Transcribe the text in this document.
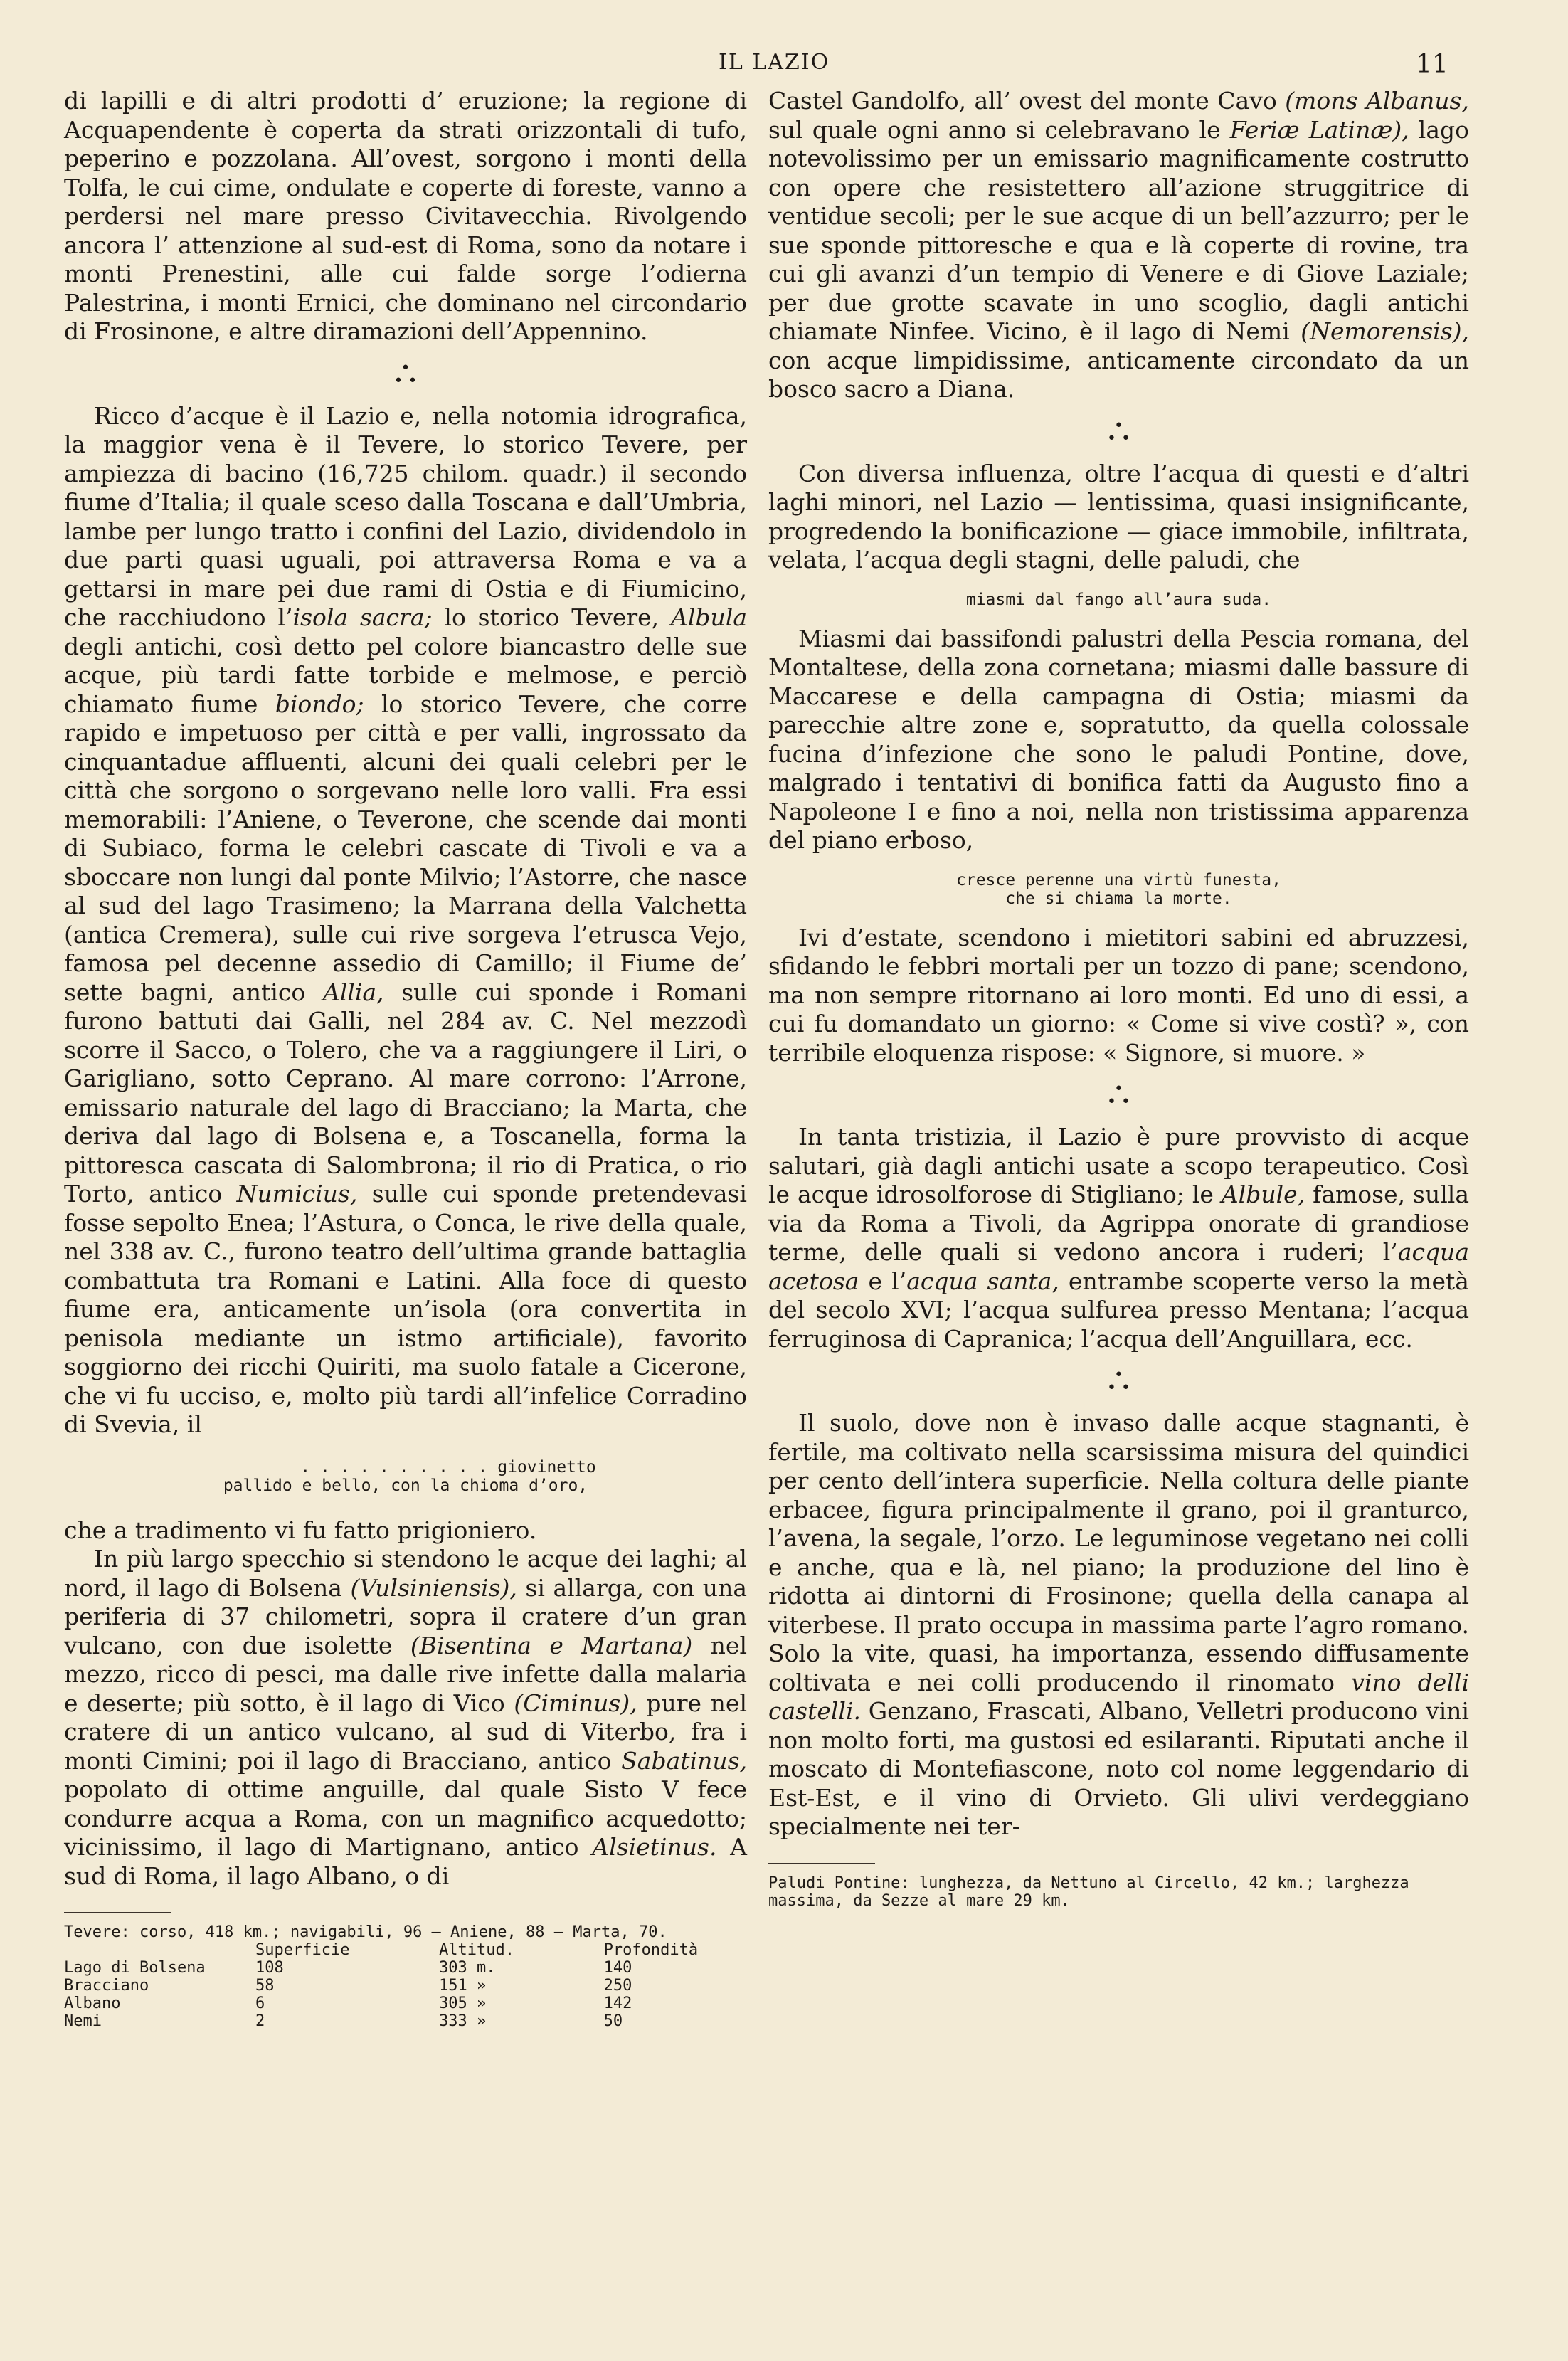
IL LAZIO	11

di lapilli e di altri prodotti d’ eruzione; la regione di Acquapendente è coperta da strati orizzontali di tufo, peperino e pozzolana. All’ovest, sorgono i monti della Tolfa, le cui cime, ondulate e coperte di foreste, vanno a perdersi nel mare presso Civitavecchia. Rivolgendo ancora l’ attenzione al sud-est di Roma, sono da notare i monti Prenestini, alle cui falde sorge l’odierna Palestrina, i monti Ernici, che dominano nel circondario di Frosinone, e altre diramazioni dell’Appennino.

•
• •

Ricco d’acque è il Lazio e, nella notomia idrografica, la maggior vena è il Tevere, lo storico Tevere, per ampiezza di bacino (16,725 chilom. quadr.) il secondo fiume d’Italia; il quale sceso dalla Toscana e dall’Umbria, lambe per lungo tratto i confini del Lazio, dividendolo in due parti quasi uguali, poi attraversa Roma e va a gettarsi in mare pei due rami di Ostia e di Fiumicino, che racchiudono l’isola sacra; lo storico Tevere, Albula degli antichi, così detto pel colore biancastro delle sue acque, più tardi fatte torbide e melmose, e perciò chiamato fiume biondo; lo storico Tevere, che corre rapido e impetuoso per città e per valli, ingrossato da cinquantadue affluenti, alcuni dei quali celebri per le città che sorgono o sorgevano nelle loro valli. Fra essi memorabili: l’Aniene, o Teverone, che scende dai monti di Subiaco, forma le celebri cascate di Tivoli e va a sboccare non lungi dal ponte Milvio; l’Astorre, che nasce al sud del lago Trasimeno; la Marrana della Valchetta (antica Cremera), sulle cui rive sorgeva l’etrusca Vejo, famosa pel decenne assedio di Camillo; il Fiume de’ sette bagni, antico Allia, sulle cui sponde i Romani furono battuti dai Galli, nel 284 av. C. Nel mezzodì scorre il Sacco, o Tolero, che va a raggiungere il Liri, o Garigliano, sotto Ceprano. Al mare corrono: l’Arrone, emissario naturale del lago di Bracciano; la Marta, che deriva dal lago di Bolsena e, a Toscanella, forma la pittoresca cascata di Salombrona; il rio di Pratica, o rio Torto, antico Numicius, sulle cui sponde pretendevasi fosse sepolto Enea; l’Astura, o Conca, le rive della quale, nel 338 av. C., furono teatro dell’ultima grande battaglia combattuta tra Romani e Latini. Alla foce di questo fiume era, anticamente un’isola (ora convertita in penisola mediante un istmo artificiale), favorito soggiorno dei ricchi Quiriti, ma suolo fatale a Cicerone, che vi fu ucciso, e, molto più tardi all’infelice Corradino di Svevia, il

. . . . . . . . . . giovinetto
pallido e bello, con la chioma d’oro,

che a tradimento vi fu fatto prigioniero.

In più largo specchio si stendono le acque dei laghi; al nord, il lago di Bolsena (Vulsiniensis), si allarga, con una periferia di 37 chilometri, sopra il cratere d’un gran vulcano, con due isolette (Bisentina e Martana) nel mezzo, ricco di pesci, ma dalle rive infette dalla malaria e deserte; più sotto, è il lago di Vico (Ciminus), pure nel cratere di un antico vulcano, al sud di Viterbo, fra i monti Cimini; poi il lago di Bracciano, antico Sabatinus, popolato di ottime anguille, dal quale Sisto V fece condurre acqua a Roma, con un magnifico acquedotto; vicinissimo, il lago di Martignano, antico Alsietinus. A sud di Roma, il lago Albano, o di

Tevere: corso, 418 km.; navigabili, 96 — Aniene, 88 — Marta, 70.
	Superficie	Altitud.	Profondità
Lago di Bolsena	108	303 m.	140
Bracciano	58	151 »	250
Albano	6	305 »	142
Nemi	2	333 »	50

Castel Gandolfo, all’ ovest del monte Cavo (mons Albanus, sul quale ogni anno si celebravano le Feriæ Latinæ), lago notevolissimo per un emissario magnificamente costrutto con opere che resistettero all’azione struggitrice di ventidue secoli; per le sue acque di un bell’azzurro; per le sue sponde pittoresche e qua e là coperte di rovine, tra cui gli avanzi d’un tempio di Venere e di Giove Laziale; per due grotte scavate in uno scoglio, dagli antichi chiamate Ninfee. Vicino, è il lago di Nemi (Nemorensis), con acque limpidissime, anticamente circondato da un bosco sacro a Diana.

•
• •

Con diversa influenza, oltre l’acqua di questi e d’altri laghi minori, nel Lazio — lentissima, quasi insignificante, progredendo la bonificazione — giace immobile, infiltrata, velata, l’acqua degli stagni, delle paludi, che

miasmi dal fango all’aura suda.

Miasmi dai bassifondi palustri della Pescia romana, del Montaltese, della zona cornetana; miasmi dalle bassure di Maccarese e della campagna di Ostia; miasmi da parecchie altre zone e, sopratutto, da quella colossale fucina d’infezione che sono le paludi Pontine, dove, malgrado i tentativi di bonifica fatti da Augusto fino a Napoleone I e fino a noi, nella non tristissima apparenza del piano erboso,

cresce perenne una virtù funesta,
che si chiama la morte.

Ivi d’estate, scendono i mietitori sabini ed abruzzesi, sfidando le febbri mortali per un tozzo di pane; scendono, ma non sempre ritornano ai loro monti. Ed uno di essi, a cui fu domandato un giorno: « Come si vive costì? », con terribile eloquenza rispose: « Signore, si muore. »

•
• •

In tanta tristizia, il Lazio è pure provvisto di acque salutari, già dagli antichi usate a scopo terapeutico. Così le acque idrosolforose di Stigliano; le Albule, famose, sulla via da Roma a Tivoli, da Agrippa onorate di grandiose terme, delle quali si vedono ancora i ruderi; l’acqua acetosa e l’acqua santa, entrambe scoperte verso la metà del secolo XVI; l’acqua sulfurea presso Mentana; l’acqua ferruginosa di Capranica; l’acqua dell’Anguillara, ecc.

•
• •

Il suolo, dove non è invaso dalle acque stagnanti, è fertile, ma coltivato nella scarsissima misura del quindici per cento dell’intera superficie. Nella coltura delle piante erbacee, figura principalmente il grano, poi il granturco, l’avena, la segale, l’orzo. Le leguminose vegetano nei colli e anche, qua e là, nel piano; la produzione del lino è ridotta ai dintorni di Frosinone; quella della canapa al viterbese. Il prato occupa in massima parte l’agro romano. Solo la vite, quasi, ha importanza, essendo diffusamente coltivata e nei colli producendo il rinomato vino delli castelli. Genzano, Frascati, Albano, Velletri producono vini non molto forti, ma gustosi ed esilaranti. Riputati anche il moscato di Montefiascone, noto col nome leggendario di Est-Est, e il vino di Orvieto. Gli ulivi verdeggiano specialmente nei ter-

Paludi Pontine: lunghezza, da Nettuno al Circello, 42 km.; larghezza massima, da Sezze al mare 29 km.
